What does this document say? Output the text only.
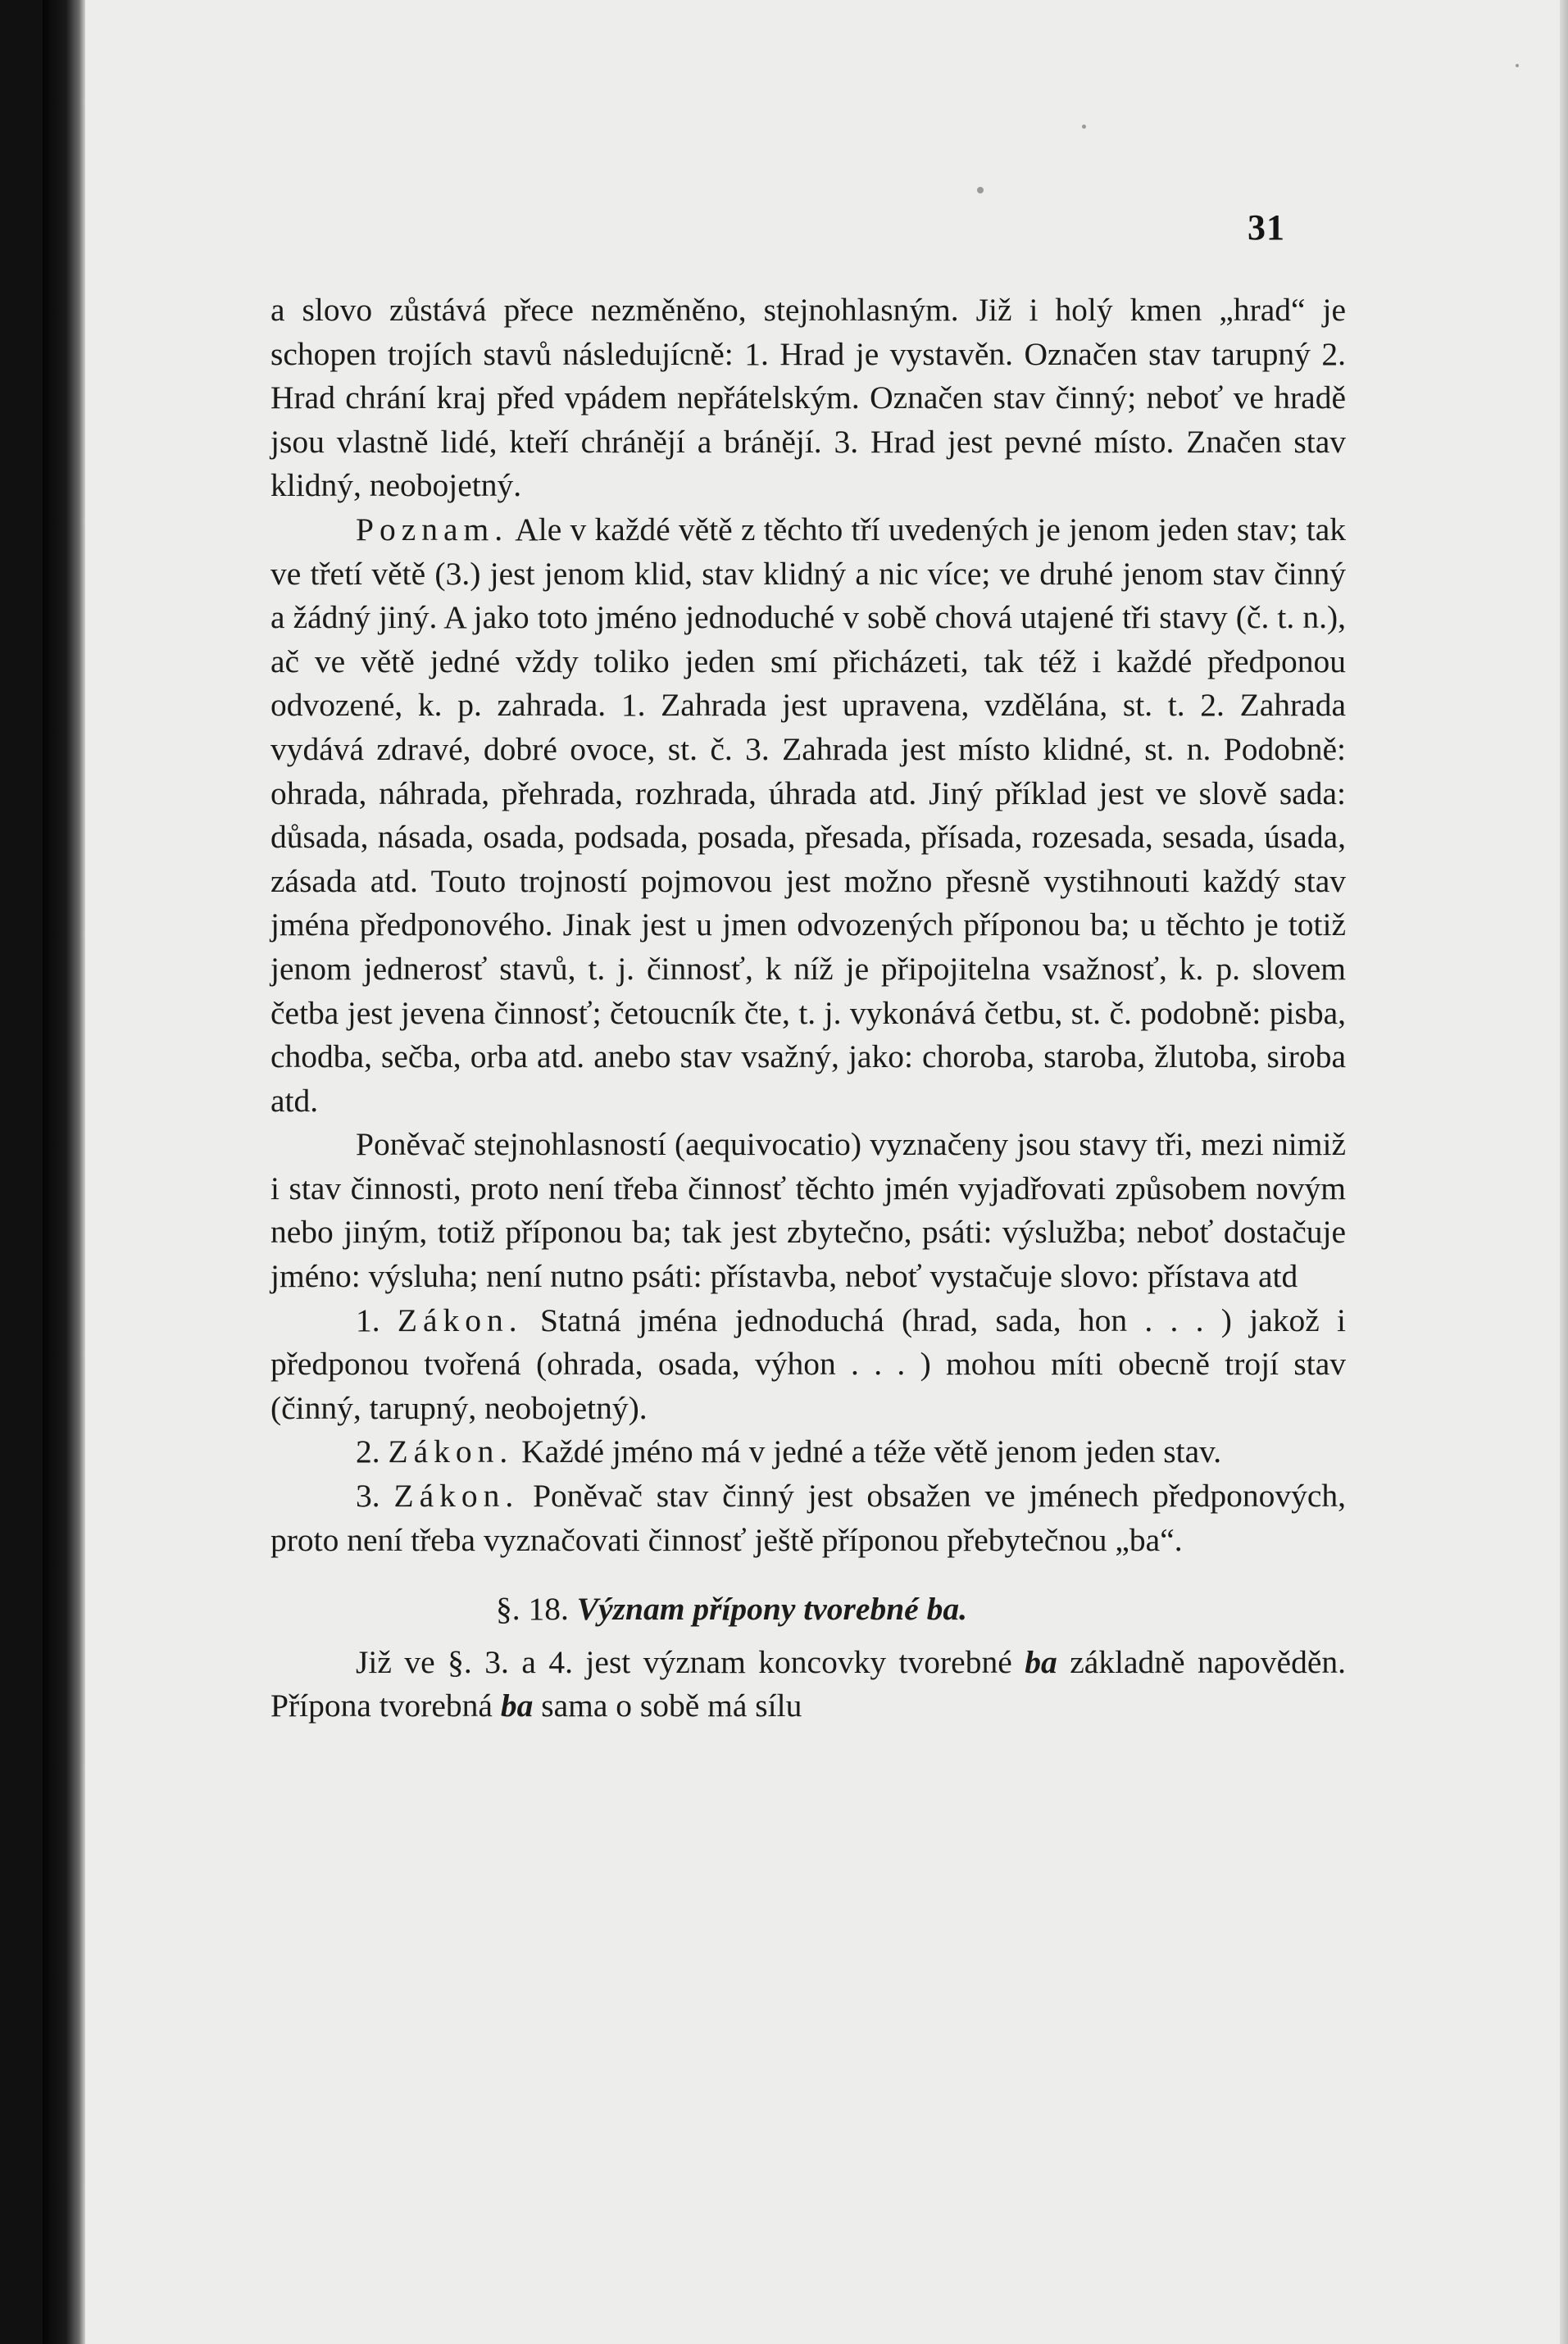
31

a slovo zůstává přece nezměněno, stejnohlasným. Již i holý kmen „hrad“ je schopen trojích stavů následujícně: 1. Hrad je vystavěn. Označen stav tarupný 2. Hrad chrání kraj před vpádem nepřátelským. Označen stav činný; neboť ve hradě jsou vlastně lidé, kteří chránějí a bránějí. 3. Hrad jest pevné místo. Značen stav klidný, neobojetný.

Poznam. Ale v každé větě z těchto tří uvedených je jenom jeden stav; tak ve třetí větě (3.) jest jenom klid, stav klidný a nic více; ve druhé jenom stav činný a žádný jiný. A jako toto jméno jednoduché v sobě chová utajené tři stavy (č. t. n.), ač ve větě jedné vždy toliko jeden smí přicházeti, tak též i každé předponou odvozené, k. p. zahrada. 1. Zahrada jest upravena, vzdělána, st. t. 2. Zahrada vydává zdravé, dobré ovoce, st. č. 3. Zahrada jest místo klidné, st. n. Podobně: ohrada, náhrada, přehrada, rozhrada, úhrada atd. Jiný příklad jest ve slově sada: důsada, násada, osada, podsada, posada, přesada, přísada, rozesada, sesada, úsada, zásada atd. Touto trojností pojmovou jest možno přesně vystihnouti každý stav jména předponového. Jinak jest u jmen odvozených příponou ba; u těchto je totiž jenom jednerosť stavů, t. j. činnosť, k níž je připojitelna vsažnosť, k. p. slovem četba jest jevena činnosť; četoucník čte, t. j. vykonává četbu, st. č. podobně: pisba, chodba, sečba, orba atd. anebo stav vsažný, jako: choroba, staroba, žlutoba, siroba atd.

Poněvač stejnohlasností (aequivocatio) vyznačeny jsou stavy tři, mezi nimiž i stav činnosti, proto není třeba činnosť těchto jmén vyjadřovati způsobem novým nebo jiným, totiž příponou ba; tak jest zbytečno, psáti: výslužba; neboť dostačuje jméno: výsluha; není nutno psáti: přístavba, neboť vystačuje slovo: přístava atd

1. Zákon. Statná jména jednoduchá (hrad, sada, hon . . . ) jakož i předponou tvořená (ohrada, osada, výhon . . . ) mohou míti obecně trojí stav (činný, tarupný, neobojetný).

2. Zákon. Každé jméno má v jedné a téže větě jenom jeden stav.

3. Zákon. Poněvač stav činný jest obsažen ve jménech předponových, proto není třeba vyznačovati činnosť ještě příponou přebytečnou „ba“.

§. 18. Význam přípony tvorebné ba.

Již ve §. 3. a 4. jest význam koncovky tvorebné ba základně napověděn. Přípona tvorebná ba sama o sobě má sílu
